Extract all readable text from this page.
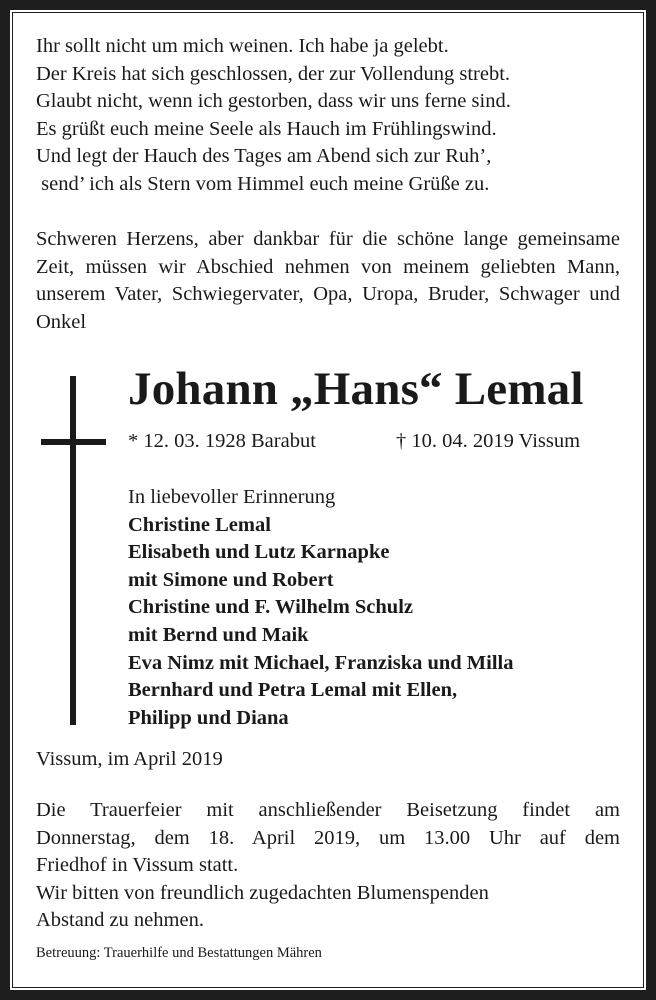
Ihr sollt nicht um mich weinen. Ich habe ja gelebt.
Der Kreis hat sich geschlossen, der zur Vollendung strebt.
Glaubt nicht, wenn ich gestorben, dass wir uns ferne sind.
Es grüßt euch meine Seele als Hauch im Frühlingswind.
Und legt der Hauch des Tages am Abend sich zur Ruh’,
send’ ich als Stern vom Himmel euch meine Grüße zu.
Schweren Herzens, aber dankbar für die schöne lange gemeinsame Zeit, müssen wir Abschied nehmen von meinem geliebten Mann, unserem Vater, Schwiegervater, Opa, Uropa, Bruder, Schwager und Onkel
Johann „Hans“ Lemal
* 12. 03. 1928 Barabut	† 10. 04. 2019 Vissum
In liebevoller Erinnerung
Christine Lemal
Elisabeth und Lutz Karnapke
mit Simone und Robert
Christine und F. Wilhelm Schulz
mit Bernd und Maik
Eva Nimz mit Michael, Franziska und Milla
Bernhard und Petra Lemal mit Ellen,
Philipp und Diana
Vissum, im April 2019
Die Trauerfeier mit anschließender Beisetzung findet am
Donnerstag, dem 18. April 2019, um 13.00 Uhr auf dem
Friedhof in Vissum statt.
Wir bitten von freundlich zugedachten Blumenspenden
Abstand zu nehmen.
Betreuung: Trauerhilfe und Bestattungen Mähren
